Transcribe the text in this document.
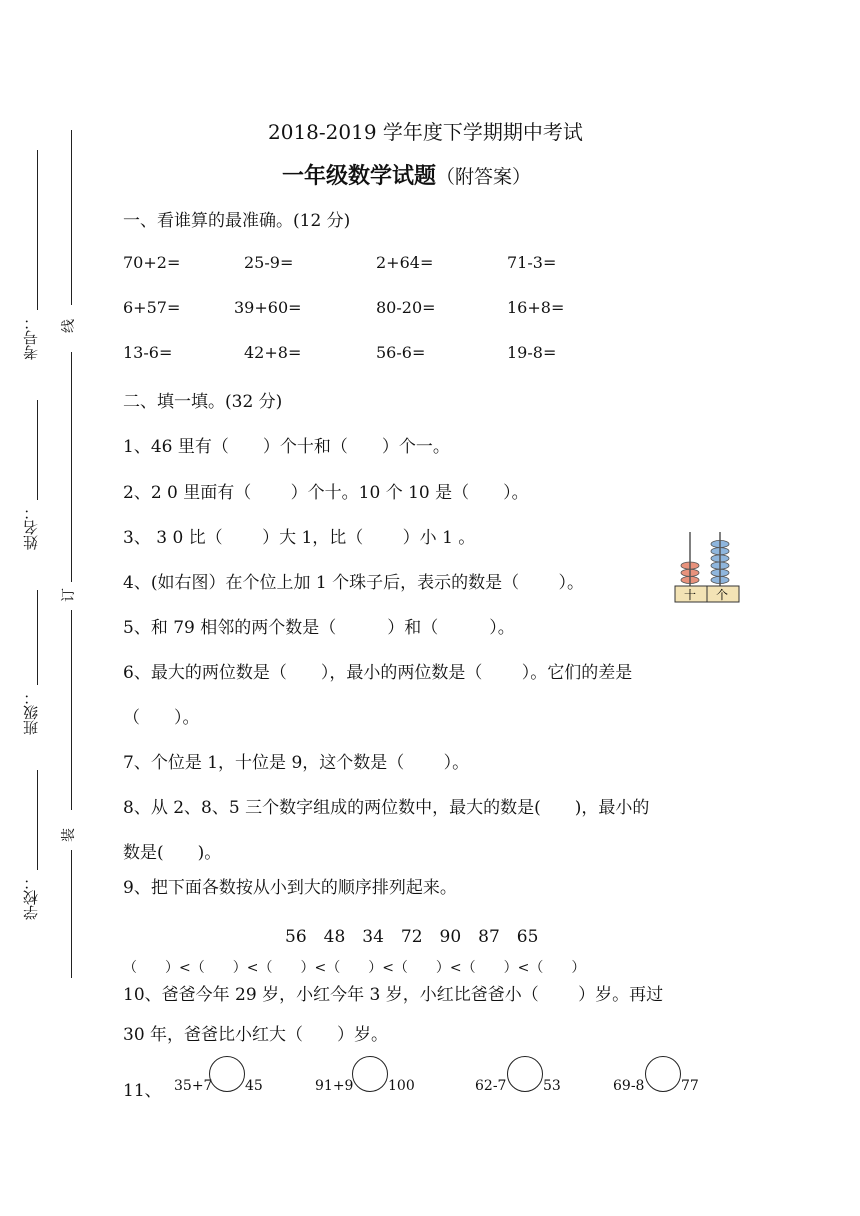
线
订
装
考号：
姓名：
班级：
学校：
2018-2019 学年度下学期期中考试
一年级数学试题（附答案）
一、看谁算的最准确。(12 分)
70+2=	25-9=	2+64=	71-3=
6+57=	39+60=	80-20=	16+8=
13-6=	42+8=	56-6=	19-8=
二、填一填。(32 分)
1、46 里有（　　）个十和（　　）个一。
2、2 0 里面有（　　 ）个十。10 个 10 是（　　）。
3、 3 0 比（　　 ）大 1，比（　　 ）小 1 。
4、(如右图）在个位上加 1 个珠子后，表示的数是（　　 ）。
5、和 79 相邻的两个数是（　　　）和（　　　）。
6、最大的两位数是（　　），最小的两位数是（　　 ）。它们的差是
（　　）。
7、个位是 1，十位是 9，这个数是（　　 ）。
8、从 2、8、5 三个数字组成的两位数中，最大的数是(　　)，最小的
数是(　　)。
9、把下面各数按从小到大的顺序排列起来。
56　48　34　72　90　87　65
（　　）<（　　）<（　　）<（　　）<（　　）<（　　）<（　　）
10、爸爸今年 29 岁，小红今年 3 岁，小红比爸爸小（　　 ）岁。再过
30 年，爸爸比小红大（　　）岁。
11、 35+7 45	91+9 100	62-7	53	69-8	77
十 个
